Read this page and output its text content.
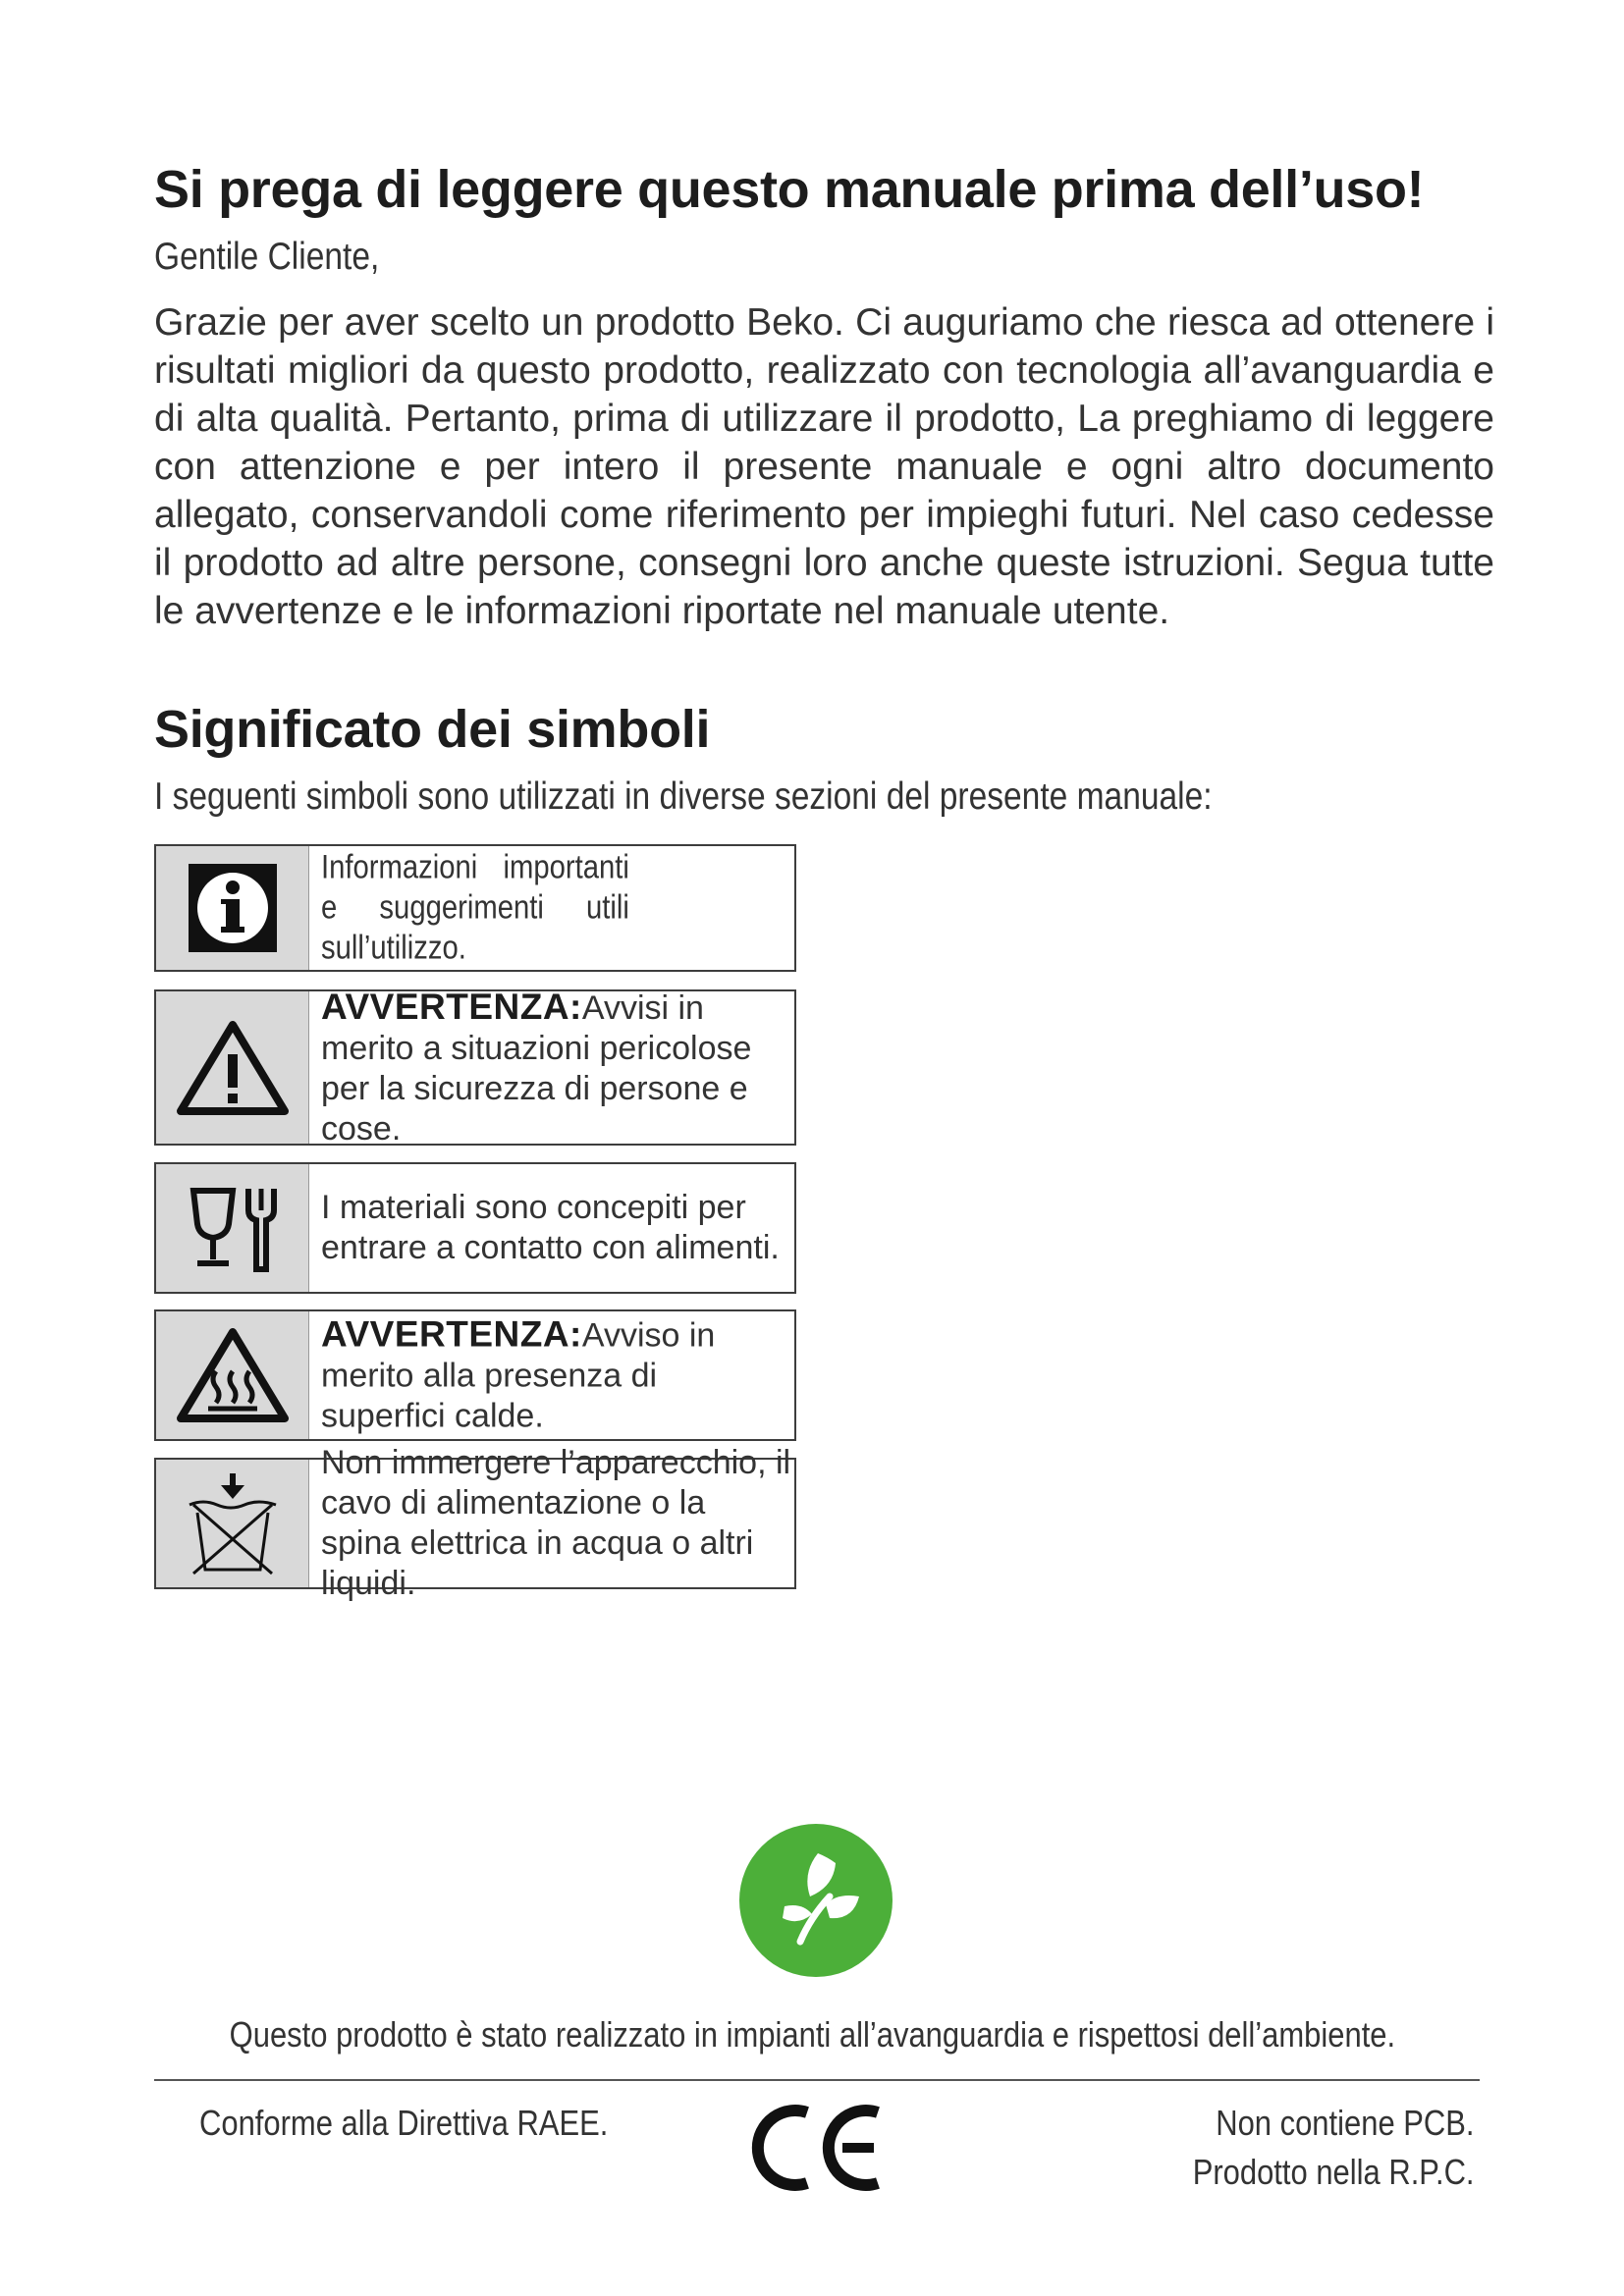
Si prega di leggere questo manuale prima dell’uso!
Gentile Cliente,

Grazie per aver scelto un prodotto Beko. Ci auguriamo che riesca ad ottenere i risultati migliori da questo prodotto, realizzato con tecnologia all’avanguardia e di alta qualità. Pertanto, prima di utilizzare il prodotto, La preghiamo di leggere con attenzione e per intero il presente manuale e ogni altro documento allegato, conservandoli come riferimento per impieghi futuri. Nel caso cedesse il prodotto ad altre persone, consegni loro anche queste istruzioni. Segua tutte le avvertenze e le informazioni riportate nel manuale utente.

Significato dei simboli
I seguenti simboli sono utilizzati in diverse sezioni del presente manuale:
Informazioni importanti e suggerimenti utili sull’utilizzo.
AVVERTENZA:Avvisi in merito a situazioni pericolose per la sicurezza di persone e cose.
I materiali sono concepiti per entrare a contatto con alimenti.
AVVERTENZA:Avviso in merito alla presenza di superfici calde.
Non immergere l’apparecchio, il cavo di alimentazione o la spina elettrica in acqua o altri liquidi.
Questo prodotto è stato realizzato in impianti all’avanguardia e rispettosi dell’ambiente.
Conforme alla Direttiva RAEE.	Non contiene PCB.
Prodotto nella R.P.C.
